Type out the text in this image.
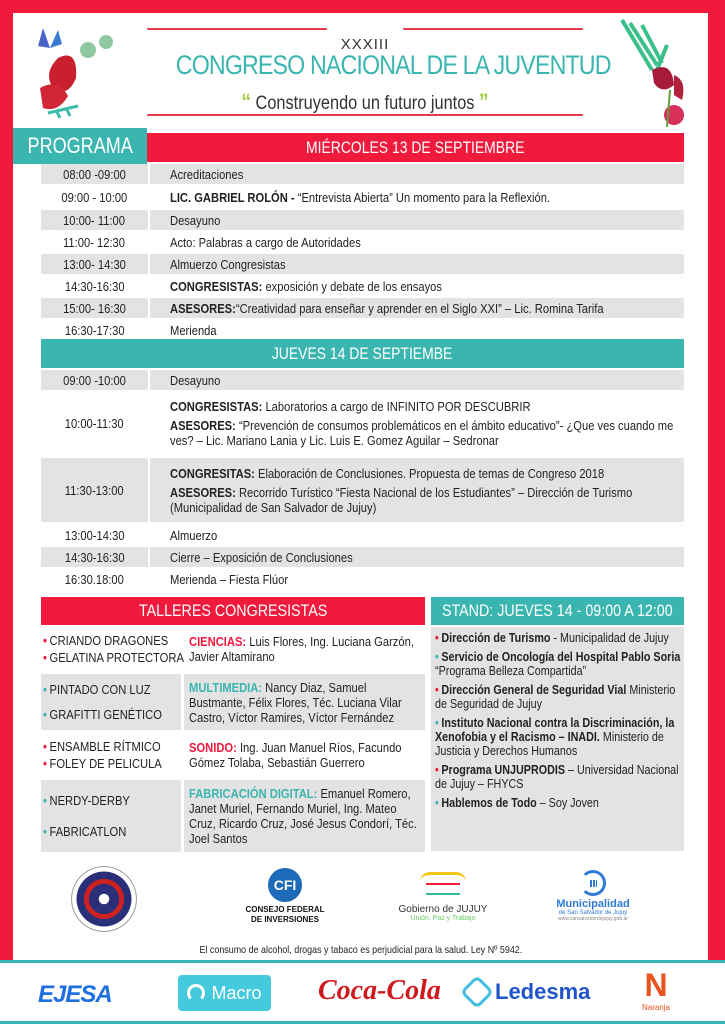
XXXIII
CONGRESO NACIONAL DE LA JUVENTUD
“ Construyendo un futuro juntos ”
• PROGRAMA	MIÉRCOLES 13 DE SEPTIEMBRE
08:00 -09:00	Acreditaciones
09:00 - 10:00	LIC. GABRIEL ROLÓN - “Entrevista Abierta” Un momento para la Reflexión.
10:00- 11:00	Desayuno
11:00- 12:30	Acto: Palabras a cargo de Autoridades
13:00- 14:30	Almuerzo Congresistas
14:30-16:30	CONGRESISTAS: exposición y debate de los ensayos
15:00- 16:30	ASESORES:“Creatividad para enseñar y aprender en el Siglo XXI” – Lic. Romina Tarifa
16:30-17:30	Merienda
JUEVES 14 DE SEPTIEMBE
09:00 -10:00	Desayuno
10:00-11:30
CONGRESISTAS: Laboratorios a cargo de INFINITO POR DESCUBRIR
ASESORES: “Prevención de consumos problemáticos en el ámbito educativo”- ¿Que ves cuando me ves? – Lic. Mariano Lania y Lic. Luis E. Gomez Aguilar – Sedronar
11:30-13:00
CONGRESITAS: Elaboración de Conclusiones. Propuesta de temas de Congreso 2018
ASESORES: Recorrido Turístico “Fiesta Nacional de los Estudiantes” – Dirección de Turismo (Municipalidad de San Salvador de Jujuy)
13:00-14:30	Almuerzo
14:30-16:30	Cierre – Exposición de Conclusiones
16:30.18:00	Merienda – Fiesta Flúor
TALLERES CONGRESISTAS
• CRIANDO DRAGONES
• GELATINA PROTECTORA
CIENCIAS: Luis Flores, Ing. Luciana Garzón, Javier Altamirano
• PINTADO CON LUZ
• GRAFITTI GENÉTICO
MULTIMEDIA: Nancy Diaz, Samuel Bustmante, Félix Flores, Téc. Luciana Vilar Castro, Víctor Ramires, Víctor Fernández
• ENSAMBLE RÍTMICO
• FOLEY DE PELICULA
SONIDO: Ing. Juan Manuel Ríos, Facundo Gómez Tolaba, Sebastián Guerrero
• NERDY-DERBY
• FABRICATLON
FABRICACIÓN DIGITAL: Emanuel Romero, Janet Muriel, Fernando Muriel, Ing. Mateo Cruz, Ricardo Cruz, José Jesus Condorí, Téc. Joel Santos
STAND: JUEVES 14 - 09:00 A 12:00
• Dirección de Turismo - Municipalidad de Jujuy
• Servicio de Oncología del Hospital Pablo Soria “Programa Belleza Compartida”
• Dirección General de Seguridad Vial Ministerio de Seguridad de Jujuy
• Instituto Nacional contra la Discriminación, la Xenofobia y el Racismo – INADI. Ministerio de Justicia y Derechos Humanos
• Programa UNJUPRODIS – Universidad Nacional de Jujuy – FHYCS
• Hablemos de Todo – Soy Joven
CFI
CONSEJO FEDERAL
DE INVERSIONES
Gobierno de JUJUY
Unión, Paz y Trabajo
Municipalidad
de San Salvador de Jujuy
www.sansalvadordejujuy.gob.ar
El consumo de alcohol, drogas y tabaco es perjudicial para la salud. Ley Nº 5942.
EJESA	Macro Coca-Cola Ledesma N
Naranja
